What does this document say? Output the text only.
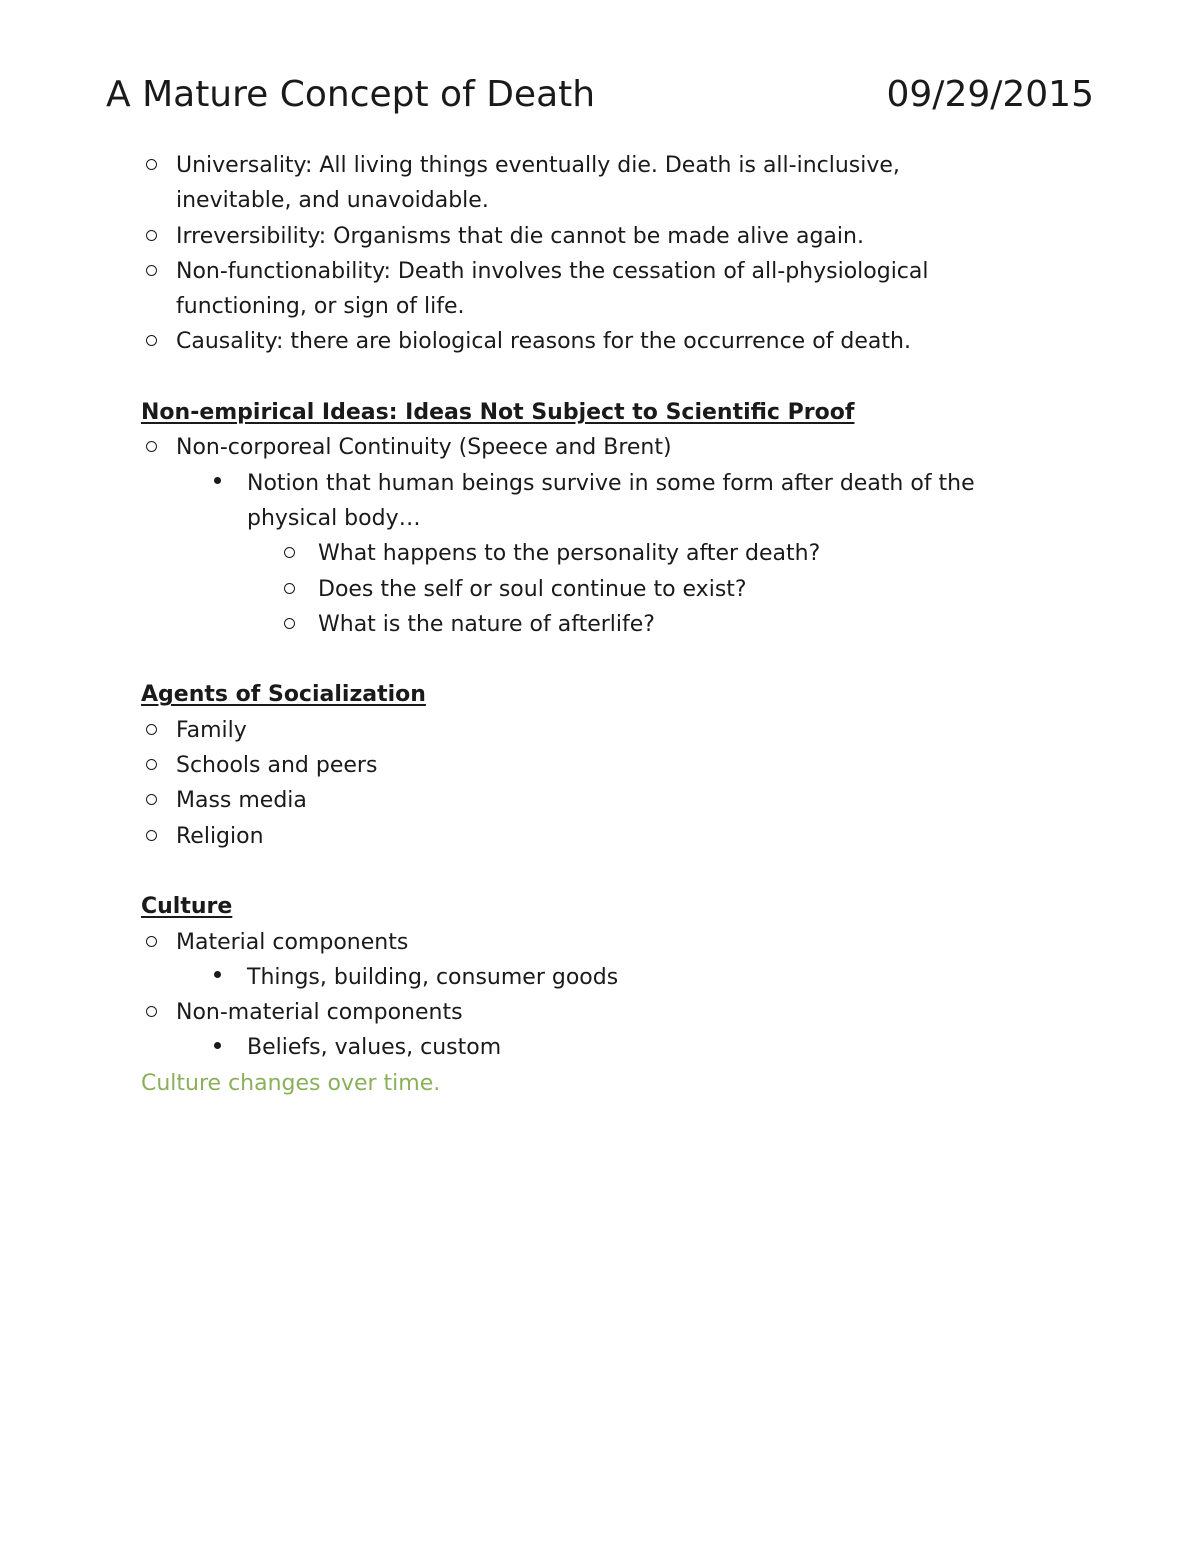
A Mature Concept of Death	09/29/2015
Universality: All living things eventually die. Death is all-inclusive,
inevitable, and unavoidable.
Irreversibility: Organisms that die cannot be made alive again.
Non-functionability: Death involves the cessation of all-physiological
functioning, or sign of life.
Causality: there are biological reasons for the occurrence of death.
Non-empirical Ideas: Ideas Not Subject to Scientific Proof
Non-corporeal Continuity (Speece and Brent)
Notion that human beings survive in some form after death of the
physical body…
What happens to the personality after death?
Does the self or soul continue to exist?
What is the nature of afterlife?
Agents of Socialization
Family
Schools and peers
Mass media
Religion
Culture
Material components
Things, building, consumer goods
Non-material components
Beliefs, values, custom
Culture changes over time.
